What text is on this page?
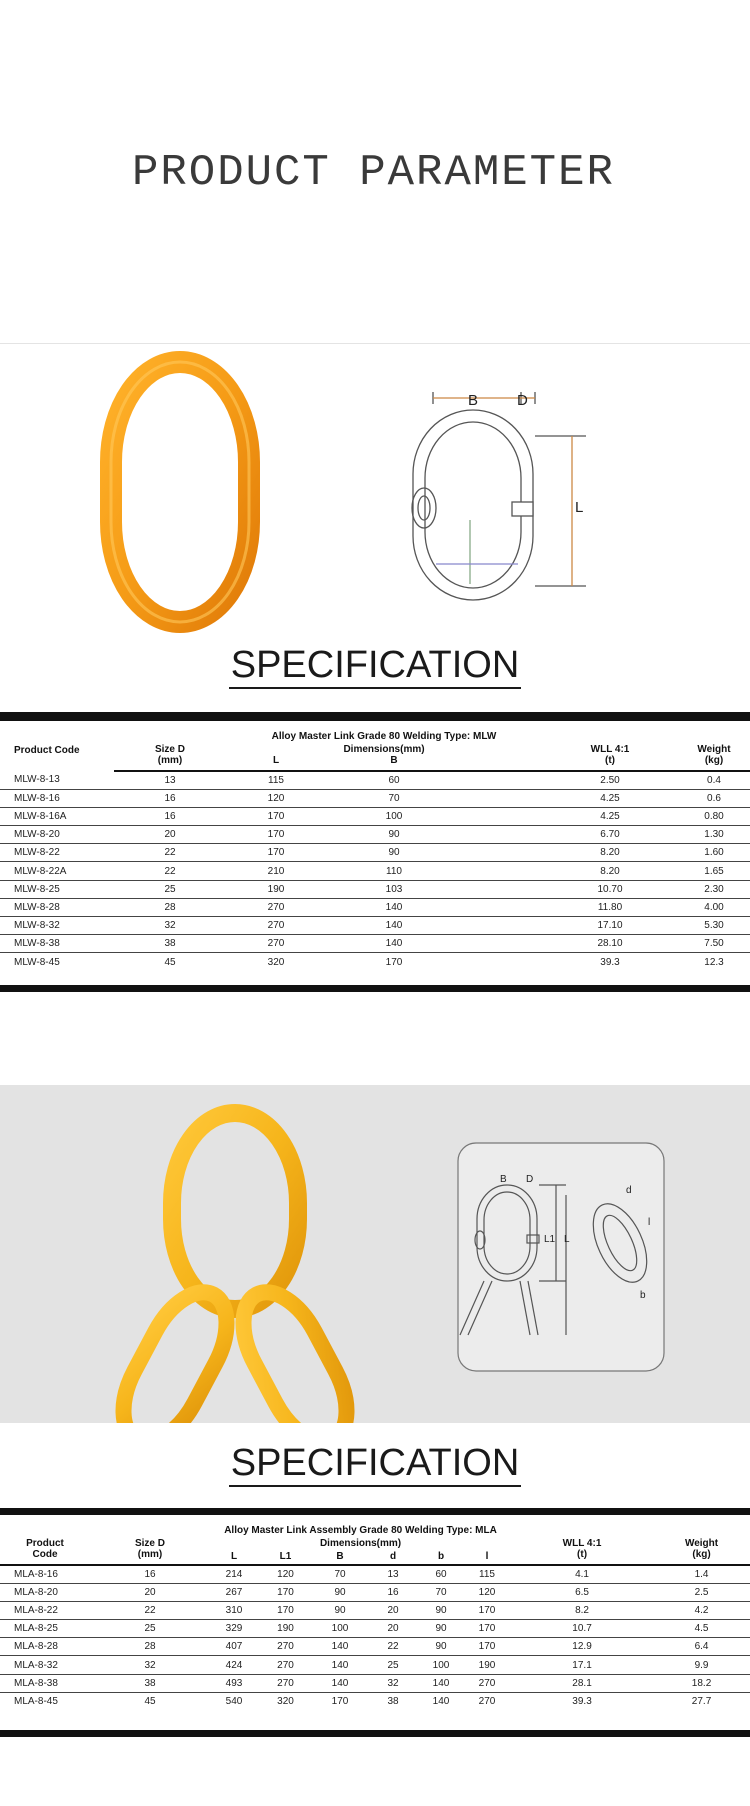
PRODUCT PARAMETER
B	D
L
SPECIFICATION
Product Code	Size D	Alloy Master Link Grade 80 Welding Type: MLW			WLL 4:1	Weight
		Dimensions(mm)				
	(mm)	L	B		(t)	(kg)
MLW-8-13	13	115	60		2.50	0.4
MLW-8-16	16	120	70		4.25	0.6
MLW-8-16A	16	170	100		4.25	0.80
MLW-8-20	20	170	90		6.70	1.30
MLW-8-22	22	170	90		8.20	1.60
MLW-8-22A	22	210	110		8.20	1.65
MLW-8-25	25	190	103		10.70	2.30
MLW-8-28	28	270	140		11.80	4.00
MLW-8-32	32	270	140		17.10	5.30
MLW-8-38	38	270	140		28.10	7.50
MLW-8-45	45	320	170		39.3	12.3
B D
L1 L
d
l
b
SPECIFICATION
Product	Size D	Alloy Master Link Assembly Grade 80 Welding Type: MLA						WLL 4:1	Weight
		Dimensions(mm)							
Code	(mm)	L	L1	B	d	b	l	(t)	(kg)
MLA-8-16	16	214	120	70	13	60	115	4.1	1.4
MLA-8-20	20	267	170	90	16	70	120	6.5	2.5
MLA-8-22	22	310	170	90	20	90	170	8.2	4.2
MLA-8-25	25	329	190	100	20	90	170	10.7	4.5
MLA-8-28	28	407	270	140	22	90	170	12.9	6.4
MLA-8-32	32	424	270	140	25	100	190	17.1	9.9
MLA-8-38	38	493	270	140	32	140	270	28.1	18.2
MLA-8-45	45	540	320	170	38	140	270	39.3	27.7
